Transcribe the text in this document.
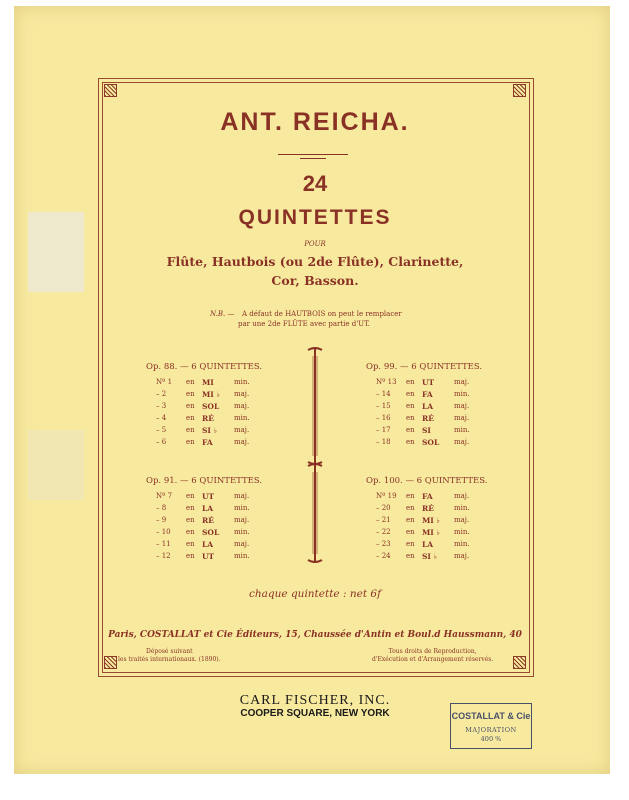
ANT. REICHA.
24
QUINTETTES
POUR
Flûte, Hautbois (ou 2de Flûte), Clarinette,
Cor, Basson.
N.B. — A défaut de HAUTBOIS on peut le remplacer
par une 2de FLÛTE avec partie d'UT.
Op. 88. — 6 QUINTETTES.
Nº 1 en MI	min.
– 2	en MI ♭ maj.
– 3	en SOL maj.
– 4	en RÉ	min.
– 5	en SI ♭ maj.
– 6	en FA	maj.
Op. 99. — 6 QUINTETTES.
Nº 13 en UT	maj.
– 14 en FA	min.
– 15 en LA	maj.
– 16 en RÉ	maj.
– 17 en SI	min.
– 18 en SOL maj.
Op. 91. — 6 QUINTETTES.
Nº 7 en UT	maj.
– 8	en LA	min.
– 9	en RÉ	maj.
– 10 en SOL min.
– 11 en LA	maj.
– 12 en UT	min.
Op. 100. — 6 QUINTETTES.
Nº 19 en FA	maj.
– 20 en RÉ	min.
– 21 en MI ♭ maj.
– 22 en MI ♭ min.
– 23 en LA	min.
– 24 en SI ♭ maj.
chaque quintette : net 6f
Paris, COSTALLAT et Cie Éditeurs, 15, Chaussée d'Antin et Boul.d Haussmann, 40
Déposé suivant
les traités internationaux. (1890).
Tous droits de Reproduction,
d'Exécution et d'Arrangement réservés.
CARL FISCHER, INC.
COOPER SQUARE, NEW YORK	COSTALLAT & Cie
MAJORATION
400 %
